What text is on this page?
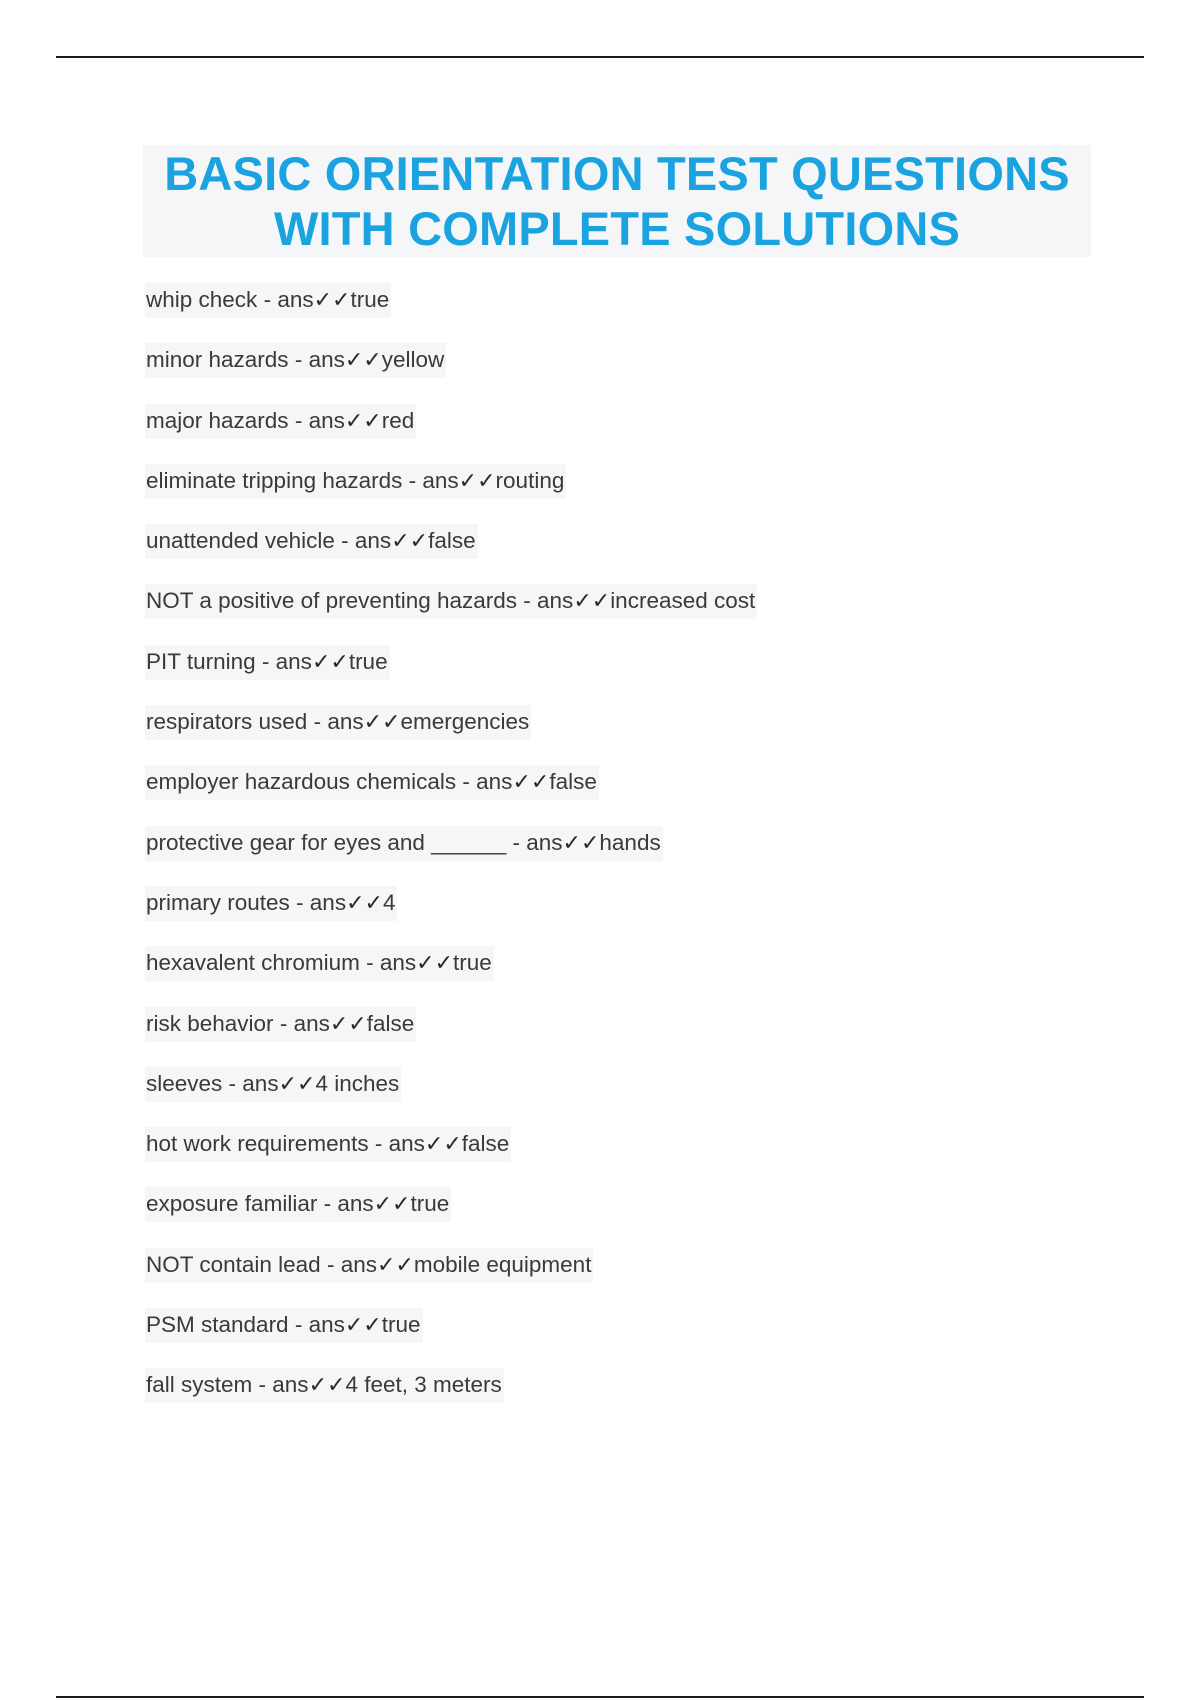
BASIC ORIENTATION TEST QUESTIONS
WITH COMPLETE SOLUTIONS
whip check - ans✓✓true
minor hazards - ans✓✓yellow
major hazards - ans✓✓red
eliminate tripping hazards - ans✓✓routing
unattended vehicle - ans✓✓false
NOT a positive of preventing hazards - ans✓✓increased cost
PIT turning - ans✓✓true
respirators used - ans✓✓emergencies
employer hazardous chemicals - ans✓✓false
protective gear for eyes and ______ - ans✓✓hands
primary routes - ans✓✓4
hexavalent chromium - ans✓✓true
risk behavior - ans✓✓false
sleeves - ans✓✓4 inches
hot work requirements - ans✓✓false
exposure familiar - ans✓✓true
NOT contain lead - ans✓✓mobile equipment
PSM standard - ans✓✓true
fall system - ans✓✓4 feet, 3 meters
